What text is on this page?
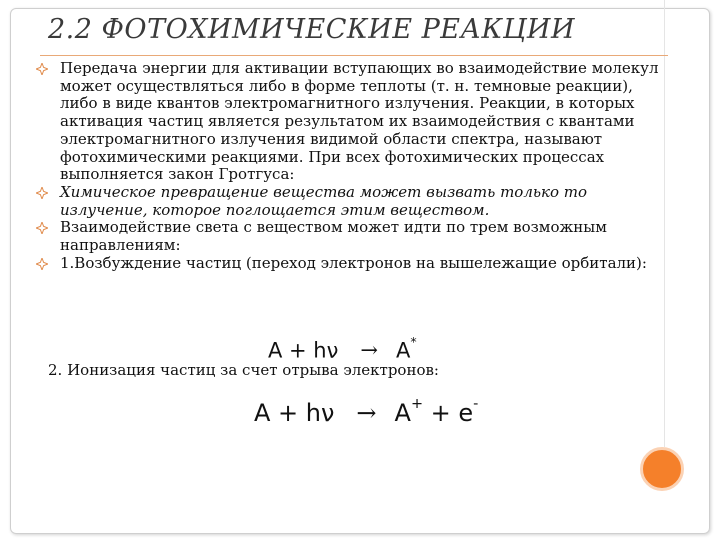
2.2 ФОТОХИМИЧЕСКИЕ РЕАКЦИИ
Передача энергии для активации вступающих во взаимодействие молекул может осуществляться либо в форме теплоты (т. н. темновые реакции), либо в виде квантов электромагнитного излучения. Реакции, в которых активация частиц является результатом их взаимодействия с квантами электромагнитного излучения видимой области спектра, называют фотохимическими реакциями. При всех фотохимических процессах выполняется закон Гротгуса:
Химическое превращение вещества может вызвать только то излучение, которое поглощается этим веществом.
Взаимодействие света с веществом может идти по трем возможным направлениям:
1.Возбуждение частиц (переход электронов на вышележащие орбитали):
A + hν → A*
2. Ионизация частиц за счет отрыва электронов:
A + hν → A+ + e-
